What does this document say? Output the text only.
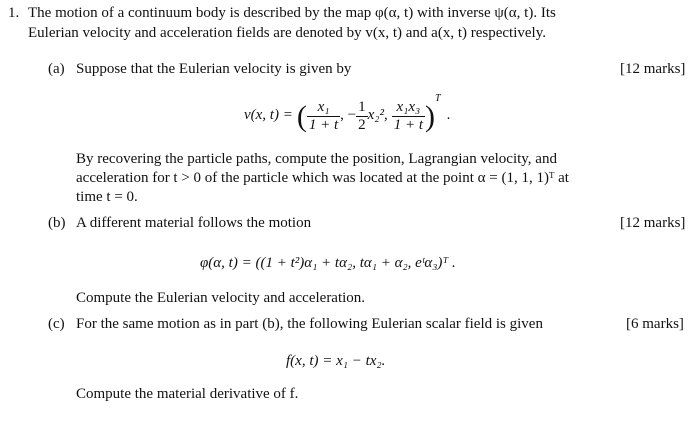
1. The motion of a continuum body is described by the map φ(α, t) with inverse ψ(α, t). Its
Eulerian velocity and acceleration fields are denoted by v(x, t) and a(x, t) respectively.
(a) Suppose that the Eulerian velocity is given by	[12 marks]
v(x, t) = ( $\frac{\text{x₁}}{1 + t}$ , − $\frac{1}{2} x_2^2$, $\frac{\text{x₁x₃}}{1 + t}$ )
T
.
By recovering the particle paths, compute the position, Lagrangian velocity, and
acceleration for t > 0 of the particle which was located at the point α = (1, 1, 1)ᵀ at
time t = 0.
(b) A different material follows the motion	[12 marks]
φ(α, t) = ((1 + t²)α₁ + tα₂, tα₁ + α₂, eᵗα₃)ᵀ .
Compute the Eulerian velocity and acceleration.
(c) For the same motion as in part (b), the following Eulerian scalar field is given	[6 marks]
f(x, t) = x₁ − tx₂.
Compute the material derivative of f.
